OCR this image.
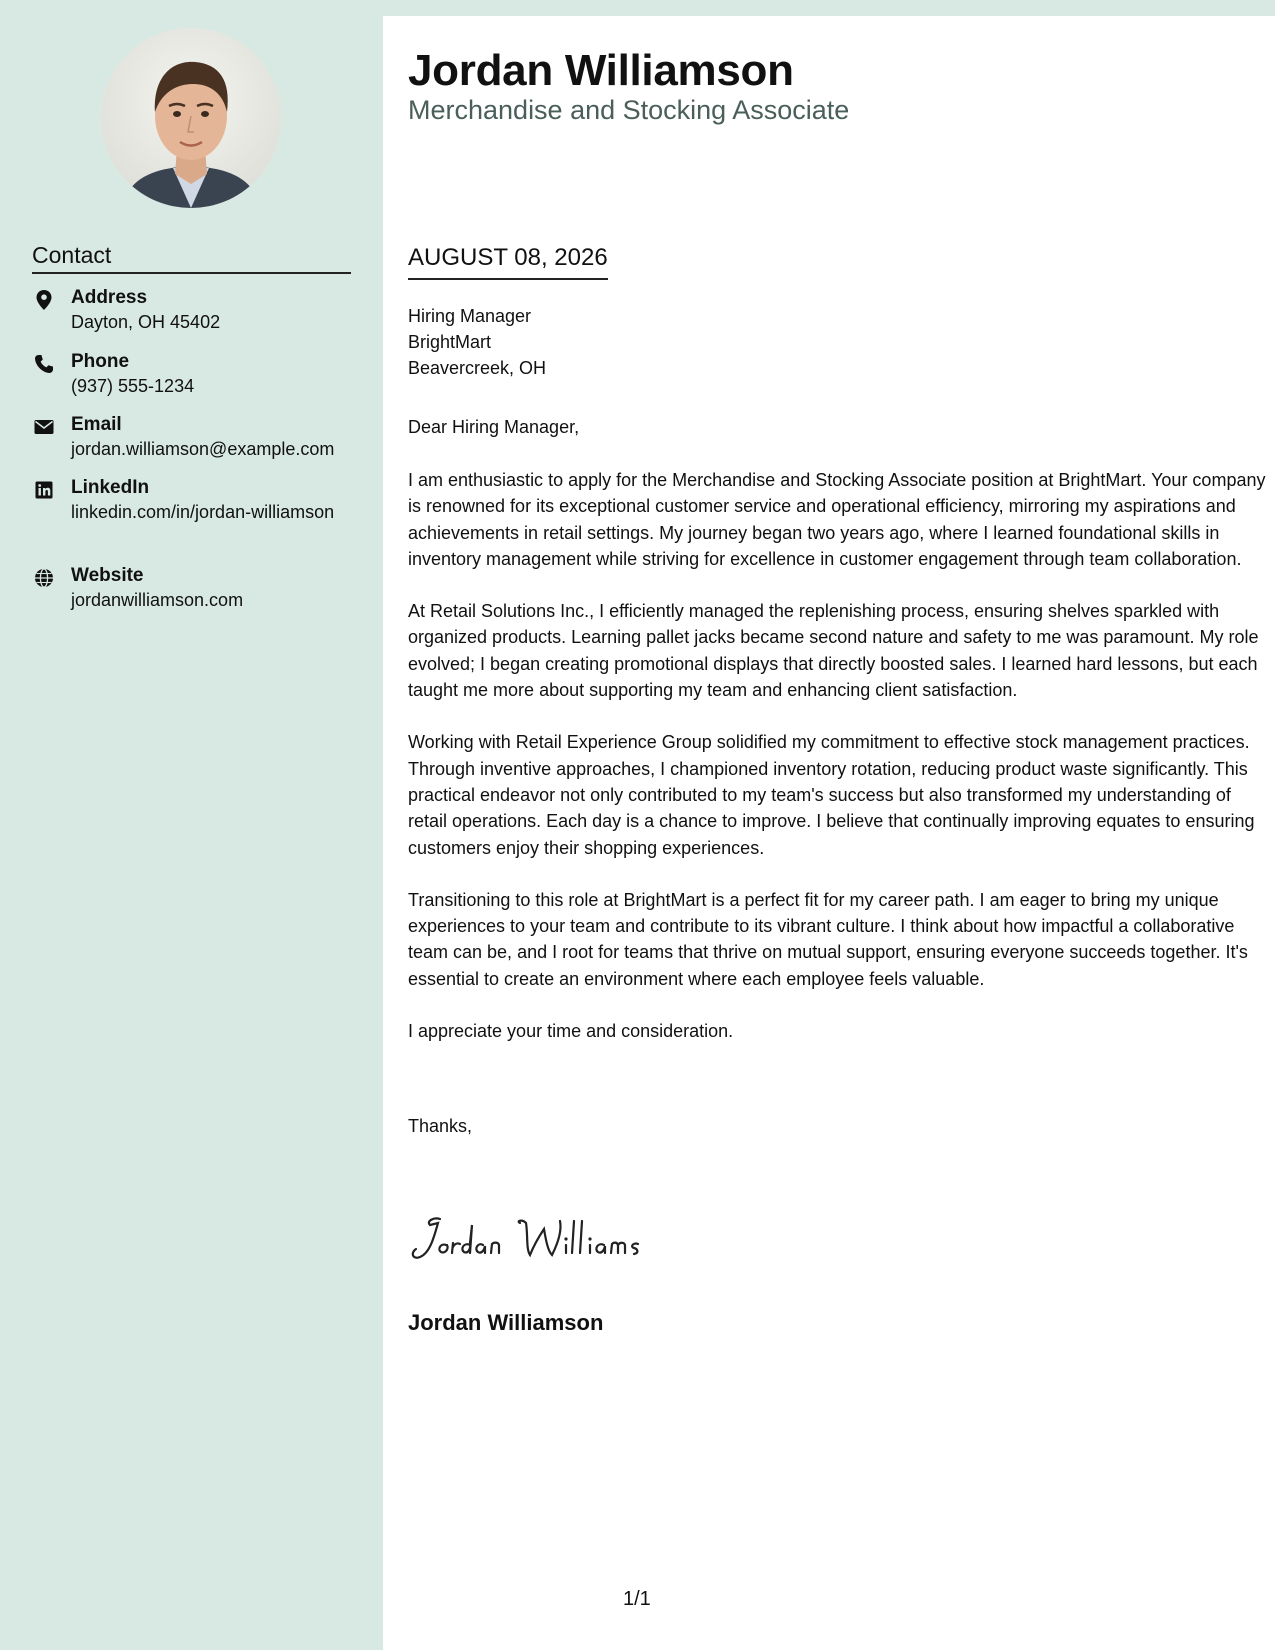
Contact
Address
Dayton, OH 45402
Phone
(937) 555-1234
Email
jordan.williamson@example.com
LinkedIn
linkedin.com/in/jordan-williamson
Website
jordanwilliamson.com
Jordan Williamson
Merchandise and Stocking Associate
AUGUST 08, 2026
Hiring Manager
BrightMart
Beavercreek, OH
Dear Hiring Manager,

I am enthusiastic to apply for the Merchandise and Stocking Associate position at BrightMart. Your company is renowned for its exceptional customer service and operational efficiency, mirroring my aspirations and achievements in retail settings. My journey began two years ago, where I learned foundational skills in inventory management while striving for excellence in customer engagement through team collaboration.

At Retail Solutions Inc., I efficiently managed the replenishing process, ensuring shelves sparkled with organized products. Learning pallet jacks became second nature and safety to me was paramount. My role evolved; I began creating promotional displays that directly boosted sales. I learned hard lessons, but each taught me more about supporting my team and enhancing client satisfaction.

Working with Retail Experience Group solidified my commitment to effective stock management practices. Through inventive approaches, I championed inventory rotation, reducing product waste significantly. This practical endeavor not only contributed to my team's success but also transformed my understanding of retail operations. Each day is a chance to improve. I believe that continually improving equates to ensuring customers enjoy their shopping experiences.

Transitioning to this role at BrightMart is a perfect fit for my career path. I am eager to bring my unique experiences to your team and contribute to its vibrant culture. I think about how impactful a collaborative team can be, and I root for teams that thrive on mutual support, ensuring everyone succeeds together. It's essential to create an environment where each employee feels valuable.

I appreciate your time and consideration.

Thanks,
Jordan Williamson
1/1
